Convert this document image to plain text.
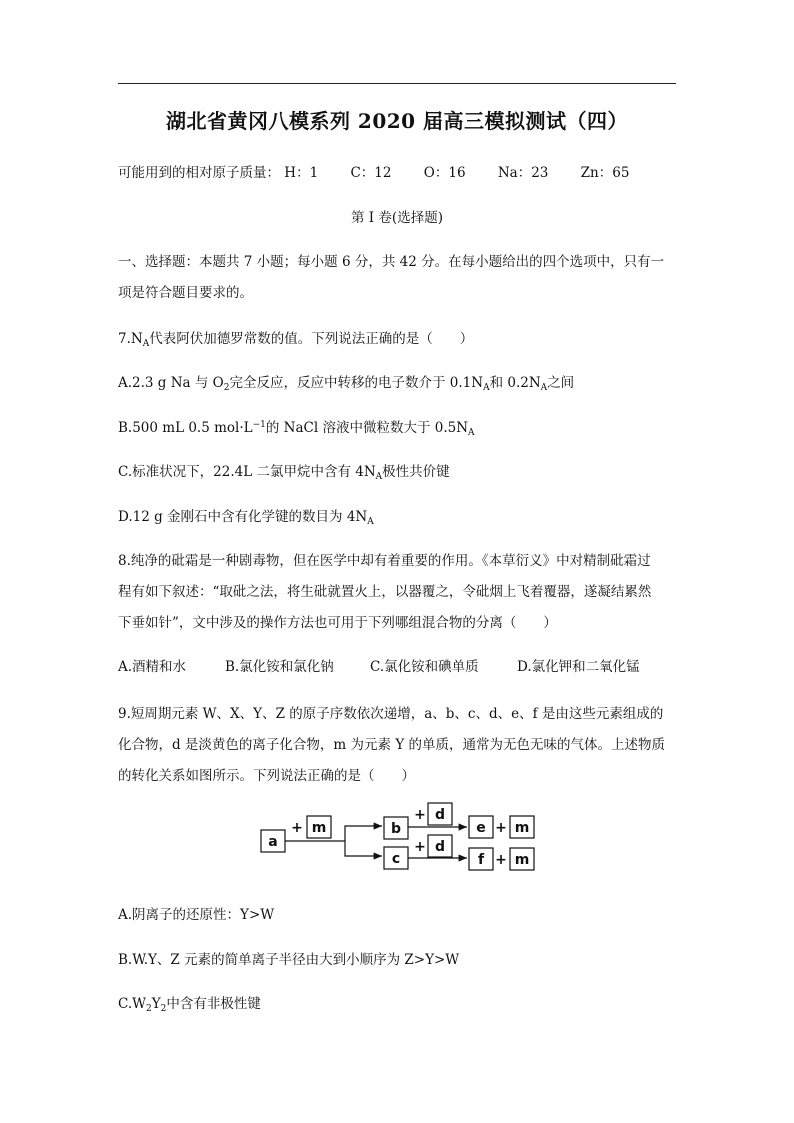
湖北省黄冈八模系列 2020 届高三模拟测试（四）
可能用到的相对原子质量： H：1 C：12 O：16 Na：23 Zn：65
第 I 卷(选择题)
一、选择题：本题共 7 小题；每小题 6 分，共 42 分。在每小题给出的四个选项中，只有一
项是符合题目要求的。
$7.N_A$代表阿伏加德罗常数的值。下列说法正确的是（　　）
A.2.3 g Na 与 $O_2$完全反应，反应中转移的电子数介于 $0.1N_A$和 $0.2N_A$之间
B.500 mL 0.5 $mol\cdot L^{-1}$的 NaCl 溶液中微粒数大于 $0.5N_A$
C.标准状况下，22.4L 二氯甲烷中含有 $4N_A$极性共价键
D.12 g 金刚石中含有化学键的数目为 $4N_A$
8.纯净的砒霜是一种剧毒物，但在医学中却有着重要的作用。《本草衍义》中对精制砒霜过
程有如下叙述：“取砒之法，将生砒就置火上，以器覆之，令砒烟上飞着覆器，遂凝结累然
下垂如针”，文中涉及的操作方法也可用于下列哪组混合物的分离（　　）
A.酒精和水	B.氯化铵和氯化钠	C.氯化铵和碘单质	D.氯化钾和二氧化锰
9.短周期元素 W、X、Y、Z 的原子序数依次递增，a、b、c、d、e、f 是由这些元素组成的
化合物，d 是淡黄色的离子化合物，m 为元素 Y 的单质，通常为无色无味的气体。上述物质
的转化关系如图所示。下列说法正确的是（　　）
a
+ m	b
c
+ d
+ d
e + m
f + m
A.阴离子的还原性：Y>W
B.W.Y、Z 元素的简单离子半径由大到小顺序为 Z>Y>W
$C.W_2Y_2$中含有非极性键
